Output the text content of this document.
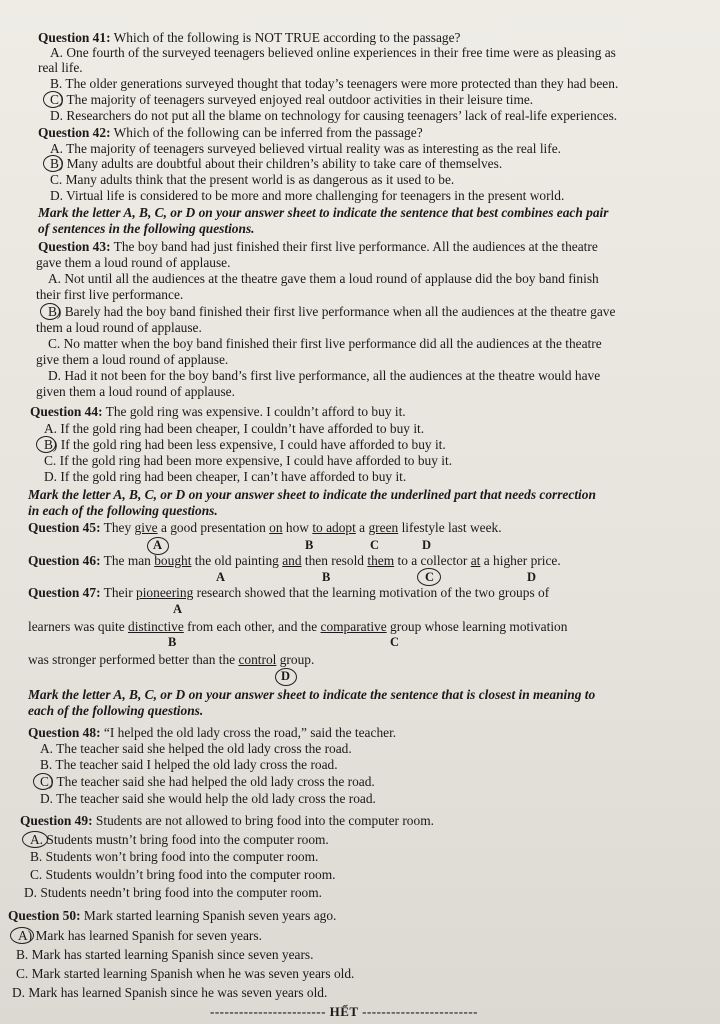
Question 41: Which of the following is NOT TRUE according to the passage?
A. One fourth of the surveyed teenagers believed online experiences in their free time were as pleasing as
real life.
B. The older generations surveyed thought that today’s teenagers were more protected than they had been.
C) The majority of teenagers surveyed enjoyed real outdoor activities in their leisure time.
D. Researchers do not put all the blame on technology for causing teenagers’ lack of real-life experiences.
Question 42: Which of the following can be inferred from the passage?
A. The majority of teenagers surveyed believed virtual reality was as interesting as the real life.
B) Many adults are doubtful about their children’s ability to take care of themselves.
C. Many adults think that the present world is as dangerous as it used to be.
D. Virtual life is considered to be more and more challenging for teenagers in the present world.
Mark the letter A, B, C, or D on your answer sheet to indicate the sentence that best combines each pair
of sentences in the following questions.
Question 43: The boy band had just finished their first live performance. All the audiences at the theatre
gave them a loud round of applause.
A. Not until all the audiences at the theatre gave them a loud round of applause did the boy band finish
their first live performance.
B) Barely had the boy band finished their first live performance when all the audiences at the theatre gave
them a loud round of applause.
C. No matter when the boy band finished their first live performance did all the audiences at the theatre
give them a loud round of applause.
D. Had it not been for the boy band’s first live performance, all the audiences at the theatre would have
given them a loud round of applause.
Question 44: The gold ring was expensive. I couldn’t afford to buy it.
A. If the gold ring had been cheaper, I couldn’t have afforded to buy it.
B) If the gold ring had been less expensive, I could have afforded to buy it.
C. If the gold ring had been more expensive, I could have afforded to buy it.
D. If the gold ring had been cheaper, I can’t have afforded to buy it.
Mark the letter A, B, C, or D on your answer sheet to indicate the underlined part that needs correction
in each of the following questions.
Question 45: They give a good presentation on how to adopt a green lifestyle last week.
A	B	C	D
Question 46: The man bought the old painting and then resold them to a collector at a higher price.
A	B	C	D
Question 47: Their pioneering research showed that the learning motivation of the two groups of
A
learners was quite distinctive from each other, and the comparative group whose learning motivation
B	C
was stronger performed better than the control group.
D
Mark the letter A, B, C, or D on your answer sheet to indicate the sentence that is closest in meaning to
each of the following questions.
Question 48: “I helped the old lady cross the road,” said the teacher.
A. The teacher said she helped the old lady cross the road.
B. The teacher said I helped the old lady cross the road.
C) The teacher said she had helped the old lady cross the road.
D. The teacher said she would help the old lady cross the road.
Question 49: Students are not allowed to bring food into the computer room.
A. Students mustn’t bring food into the computer room.
B. Students won’t bring food into the computer room.
C. Students wouldn’t bring food into the computer room.
D. Students needn’t bring food into the computer room.
Question 50: Mark started learning Spanish seven years ago.
A) Mark has learned Spanish for seven years.
B. Mark has started learning Spanish since seven years.
C. Mark started learning Spanish when he was seven years old.
D. Mark has learned Spanish since he was seven years old.
------------------------ HẾT ------------------------
